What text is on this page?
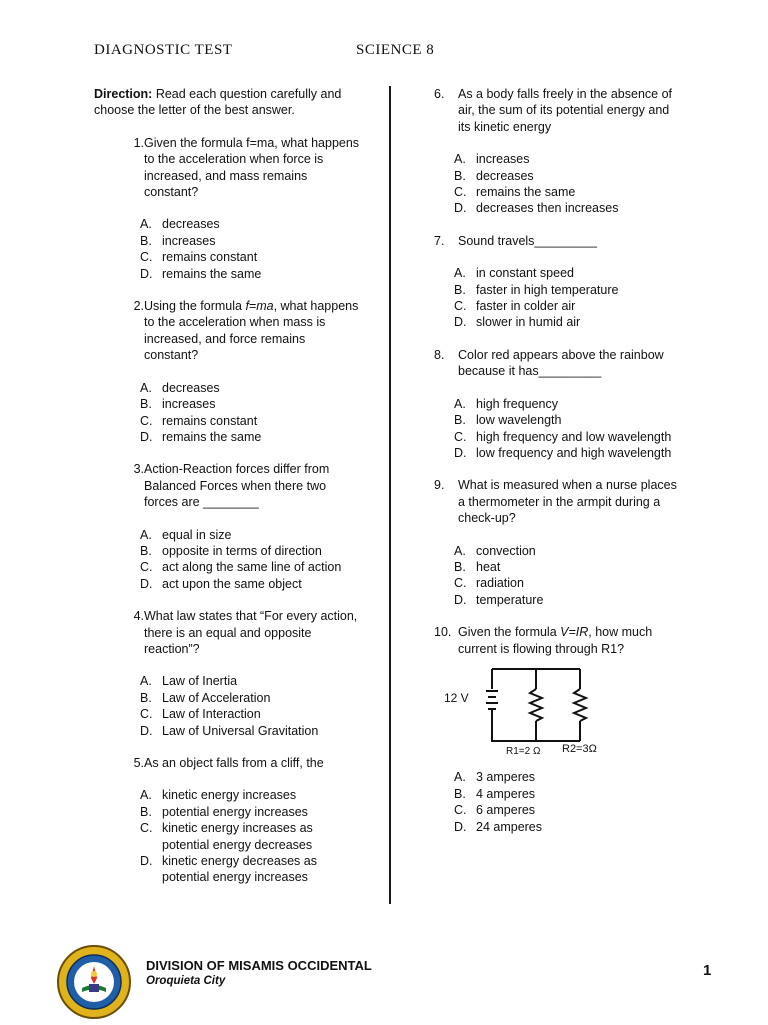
DIAGNOSTIC TEST	SCIENCE 8
Direction: Read each question carefully and choose the letter of the best answer.
1. Given the formula f=ma, what happens to the acceleration when force is increased, and mass remains constant?
A. decreases
B. increases
C. remains constant
D. remains the same
2. Using the formula f=ma, what happens to the acceleration when mass is increased, and force remains constant?
A. decreases
B. increases
C. remains constant
D. remains the same
3. Action-Reaction forces differ from Balanced Forces when there two forces are ________
A. equal in size
B. opposite in terms of direction
C. act along the same line of action
D. act upon the same object
4. What law states that “For every action, there is an equal and opposite reaction”?
A. Law of Inertia
B. Law of Acceleration
C. Law of Interaction
D. Law of Universal Gravitation
5. As an object falls from a cliff, the
A. kinetic energy increases
B. potential energy increases
C. kinetic energy increases as potential energy decreases
D. kinetic energy decreases as potential energy increases
6.	As a body falls freely in the absence of air, the sum of its potential energy and its kinetic energy
A. increases
B. decreases
C. remains the same
D. decreases then increases
7.	Sound travels_________
A. in constant speed
B. faster in high temperature
C. faster in colder air
D. slower in humid air
8.	Color red appears above the rainbow because it has_________
A. high frequency
B. low wavelength
C. high frequency and low wavelength
D. low frequency and high wavelength
9.	What is measured when a nurse places a thermometer in the armpit during a check-up?
A. convection
B. heat
C. radiation
D. temperature
10. Given the formula V=IR, how much current is flowing through R1?
12 V
R1=2 Ω R2=3Ω
A. 3 amperes
B. 4 amperes
C. 6 amperes
D. 24 amperes
DIVISION OF MISAMIS OCCIDENTAL
Oroquieta City
1
